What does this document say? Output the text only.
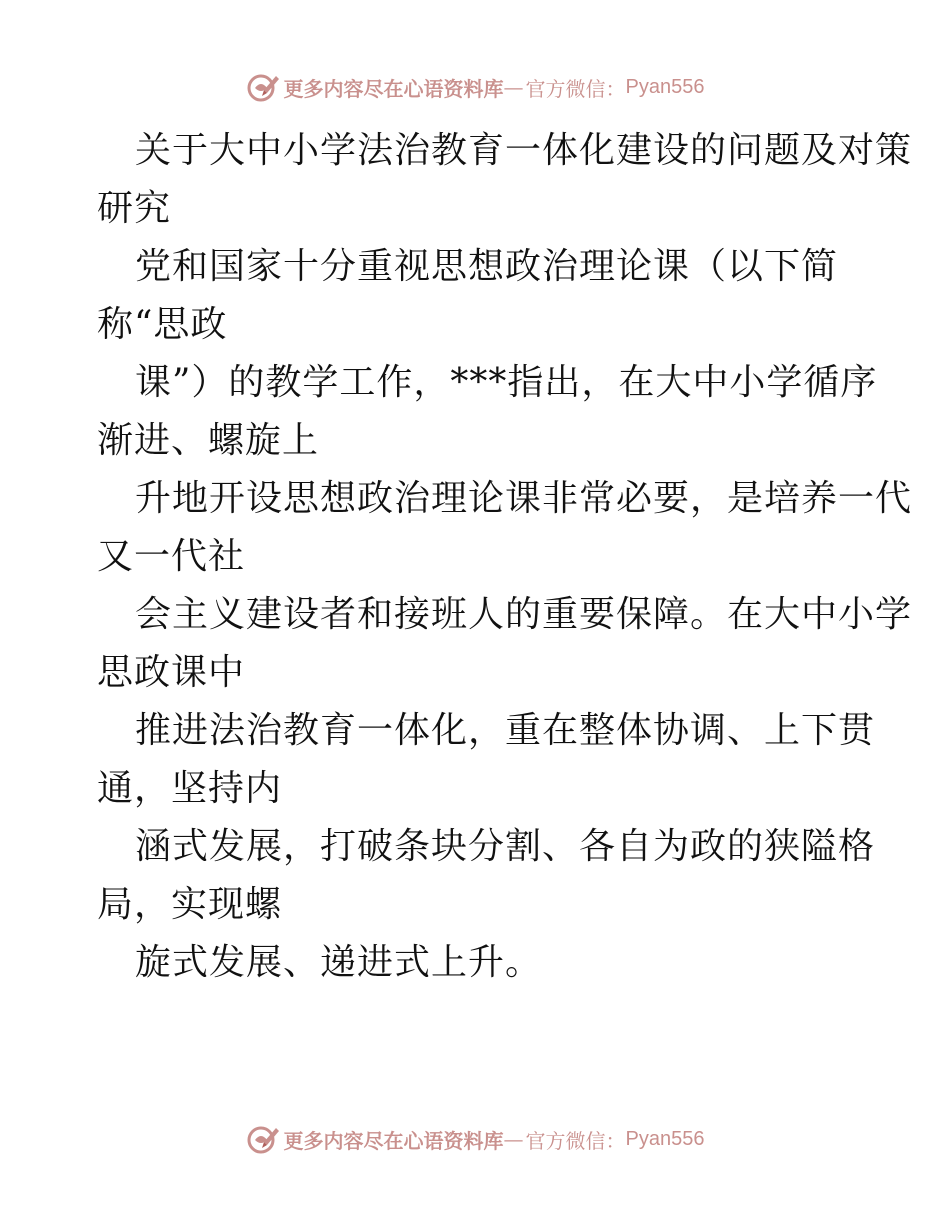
更多内容尽在心语资料库 — 官方微信： Pyan556
关于大中小学法治教育一体化建设的问题及对策
研究
党和国家十分重视思想政治理论课（以下简
称“思政
课”）的教学工作，***指出，在大中小学循序
渐进、螺旋上
升地开设思想政治理论课非常必要，是培养一代
又一代社
会主义建设者和接班人的重要保障。在大中小学
思政课中
推进法治教育一体化，重在整体协调、上下贯
通，坚持内
涵式发展，打破条块分割、各自为政的狭隘格
局，实现螺
旋式发展、递进式上升。
更多内容尽在心语资料库 — 官方微信： Pyan556
